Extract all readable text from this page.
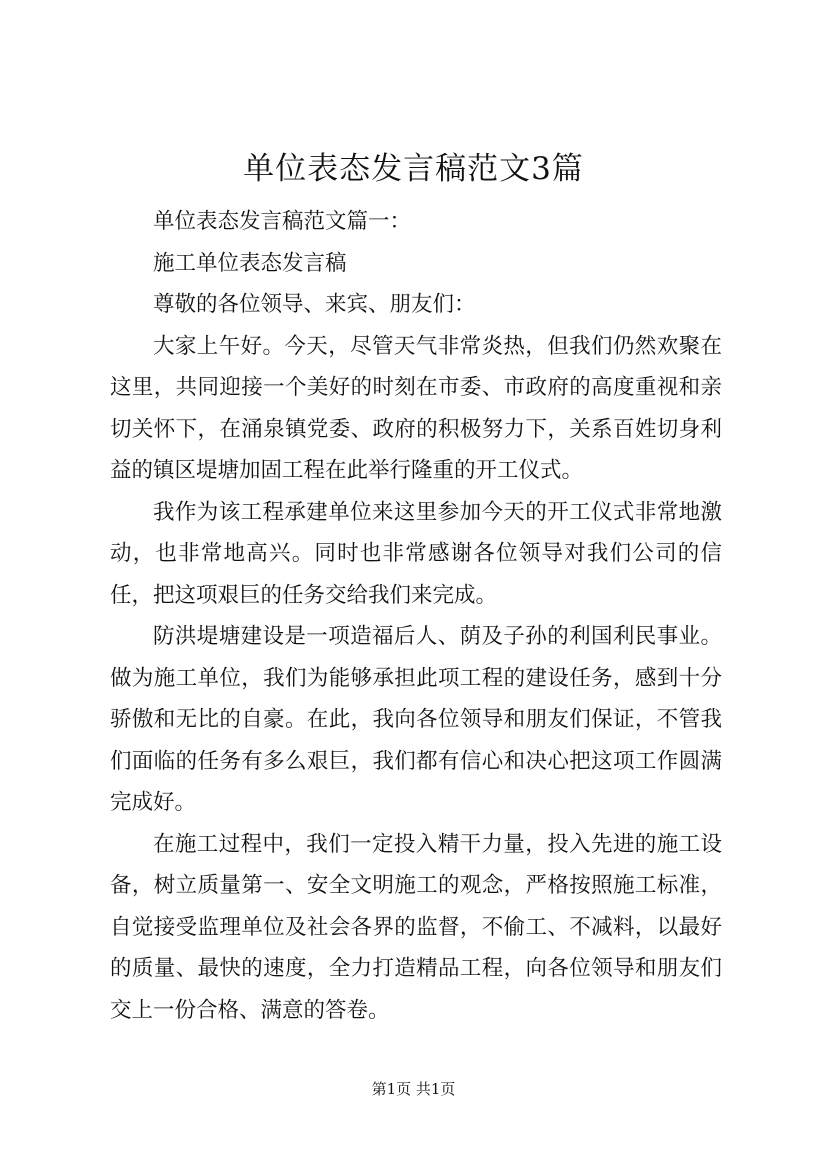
单位表态发言稿范文3篇

单位表态发言稿范文篇一：

施工单位表态发言稿

尊敬的各位领导、来宾、朋友们：

大家上午好。今天，尽管天气非常炎热，但我们仍然欢聚在这里，共同迎接一个美好的时刻在市委、市政府的高度重视和亲切关怀下，在涌泉镇党委、政府的积极努力下，关系百姓切身利益的镇区堤塘加固工程在此举行隆重的开工仪式。

我作为该工程承建单位来这里参加今天的开工仪式非常地激动，也非常地高兴。同时也非常感谢各位领导对我们公司的信任，把这项艰巨的任务交给我们来完成。

防洪堤塘建设是一项造福后人、荫及子孙的利国利民事业。做为施工单位，我们为能够承担此项工程的建设任务，感到十分骄傲和无比的自豪。在此，我向各位领导和朋友们保证，不管我们面临的任务有多么艰巨，我们都有信心和决心把这项工作圆满完成好。

在施工过程中，我们一定投入精干力量，投入先进的施工设备，树立质量第一、安全文明施工的观念，严格按照施工标准，自觉接受监理单位及社会各界的监督，不偷工、不减料，以最好的质量、最快的速度，全力打造精品工程，向各位领导和朋友们交上一份合格、满意的答卷。

第1页 共1页
